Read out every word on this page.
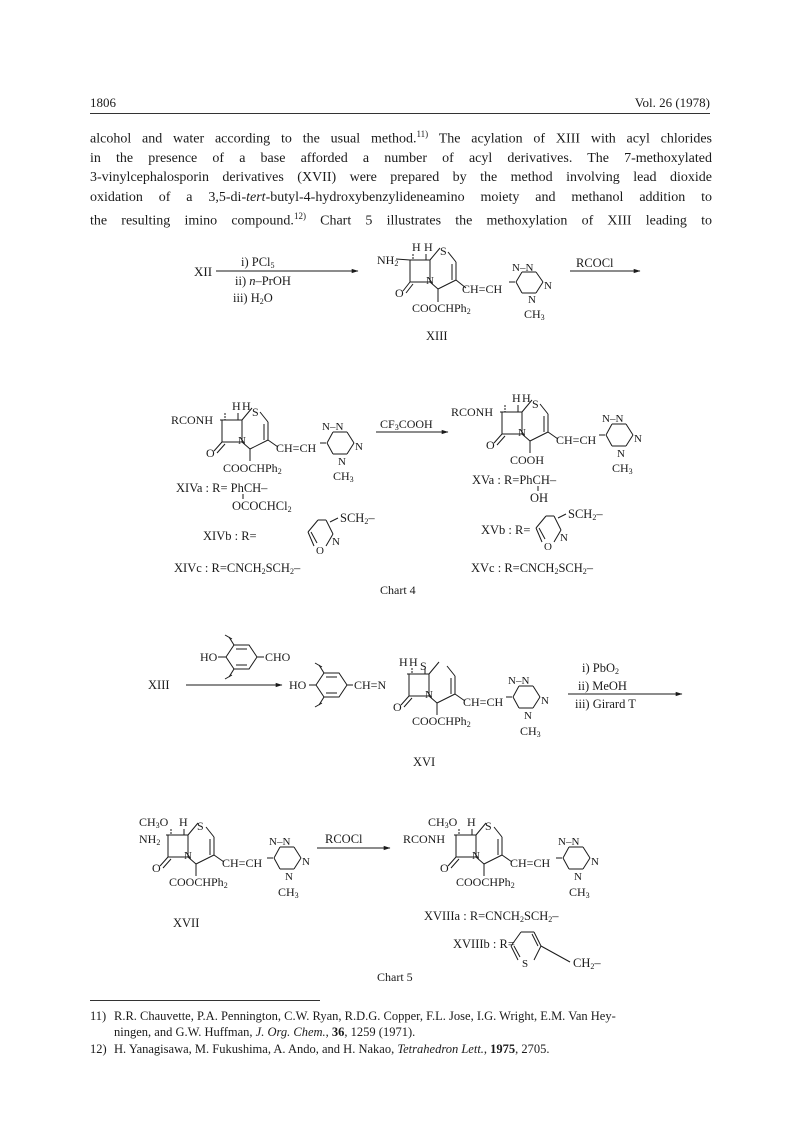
1806	Vol. 26 (1978)
alcohol and water according to the usual method.$^{11)}$ The acylation of XIII with acyl chlorides
in the presence of a base afforded a number of acyl derivatives. The 7-methoxylated
3-vinylcephalosporin derivatives (XVII) were prepared by the method involving lead dioxide
oxidation of a 3,5-di-tert-butyl-4-hydroxybenzylideneamino moiety and methanol addition to
the resulting imino compound.$^{12)}$ Chart 5 illustrates the methoxylation of XIII leading to
XII
i) PCl5
ii) n–PrOH
iii) H2O
H H S
NH2
N
O	CH=CH
N–N
N
N
CH3
COOCHPh2
XIII
RCOCl
H H S
RCONH
N
O	CH=CH
N–N
N
N
CH3
COOCHPh2
CF3COOH
H H S
RCONH
N
O	CH=CH
N–N
N
N
CH3
COOH
XIVa : R= PhCH–
OCOCHCl2
XIVb : R=
SCH2–
XIVc : R=CNCH2SCH2–
O
N
XVa : R=PhCH–
OH
XVb : R=
SCH2–
XVc : R=CNCH2SCH2–
O
N
Chart 4
HO	CHO
XIII	HO	CH=N
H H S
N
O	CH=CH
N–N
N
N
CH3
COOCHPh2
XVI
i) PbO2
ii) MeOH
iii) Girard T
CH3O H S
NH2
N
O	CH=CH
N–N
N
N
CH3
COOCHPh2
XVII
RCOCl
CH3O H S
RCONH
N
O	CH=CH
N–N
N
N
CH3
COOCHPh2
XVIIIa : R=CNCH2SCH2–
XVIIIb : R=
CH2–
S
Chart 5
11) R.R. Chauvette, P.A. Pennington, C.W. Ryan, R.D.G. Copper, F.L. Jose, I.G. Wright, E.M. Van Hey-
ningen, and G.W. Huffman, J. Org. Chem., 36, 1259 (1971).
12) H. Yanagisawa, M. Fukushima, A. Ando, and H. Nakao, Tetrahedron Lett., 1975, 2705.
